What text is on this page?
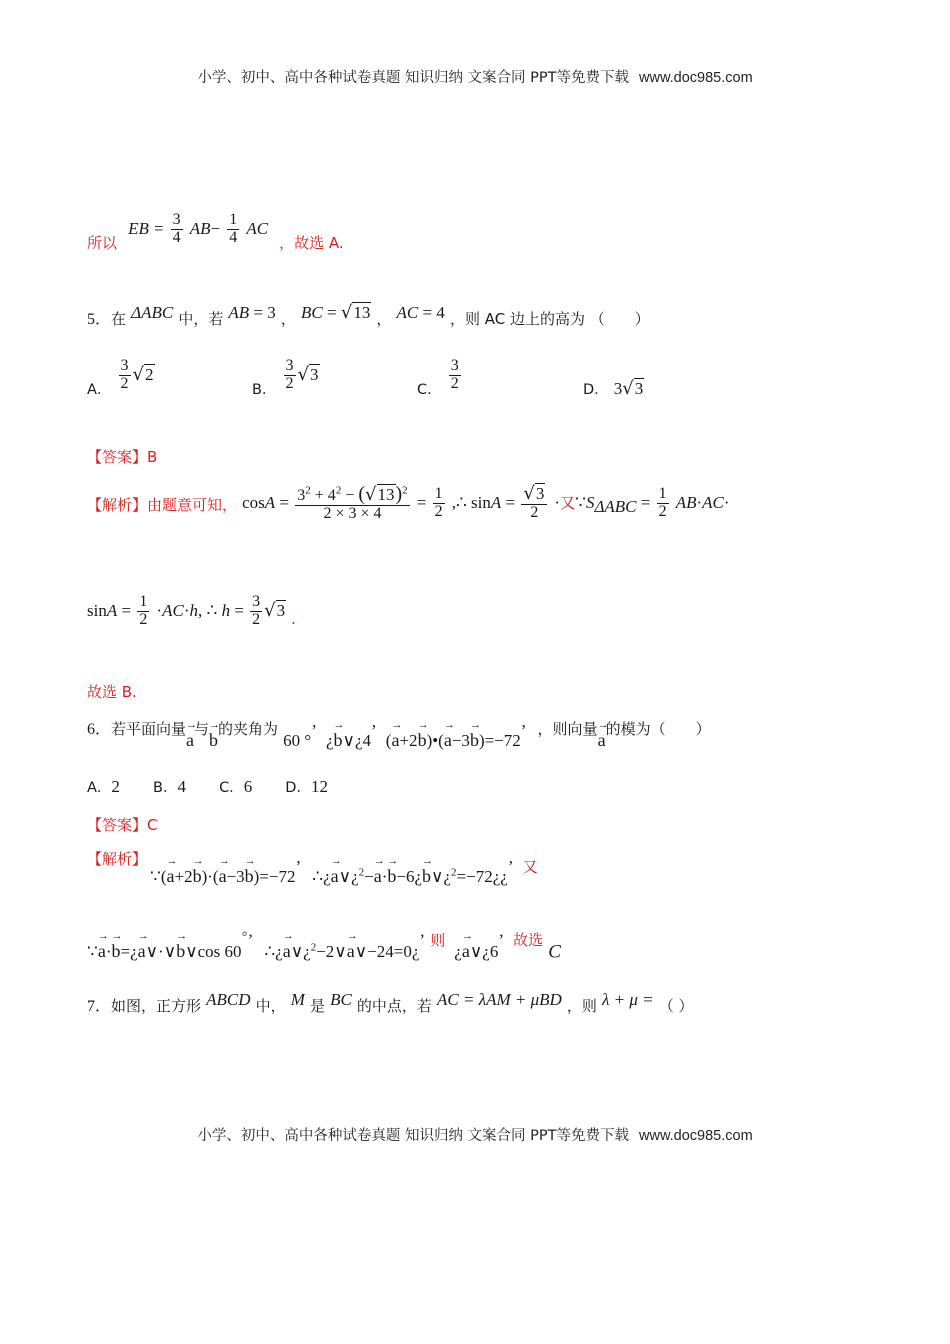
小学、初中、高中各种试卷真题 知识归纳 文案合同 PPT等免费下载 www.doc985.com
所以 EB = $\frac{3}{4} AB- \frac{1}{4}$ AC ，故选 A.
5．在 ΔABC 中，若 AB = 3 ， BC = √13 ， AC = 4 ，则 AC 边上的高为 （　　）
A． $\frac{3}{2} √2$
B． $\frac{3}{2} √3$
C． $\frac{3}{2}$	D． 3√3
【答案】B
【解析】由题意可知， $\cos A = \frac{3^2 + 4^2 - (√13)^2}{2 \times 3 \times 4} = \frac{1}{2}$ ,∴ $\sin A = \frac{√3}{2}$ ·又$\because S_{\Delta ABC} = \frac{1}{2} AB\cdot AC\cdot$
$\sin A = \frac{1}{2} \cdot AC\cdot h$, ∴ $h = \frac{3}{2} √3$ .
故选 B.
6．若平面向量→ a与→ b的夹角为 60 °’ ¿→ b∨¿4’ (→ a+2→ b)•(→ a−3→ b)=−72’ ，则向量→ a的模为（　　）
A．2 B．4 C．6 D．12
【答案】C
【解析】
∵(→ a+2→ b)·(→ a−3→ b)=−72’ ∴¿→ a∨¿$^2$−→ a·→ b−6¿→ b∨¿$^2$=−72¿¿’ 又
∵→ a·→ b=¿→ a∨·∨→ b∨cos 60◦’ ∴¿→ a∨¿$^2$−2∨→ a∨−24=0¿’ 则 ¿→ a∨¿6’ 故选 C
7．如图，正方形 ABCD 中， M 是 BC 的中点，若 AC = λAM + μBD ，则 λ + μ = （ ）
小学、初中、高中各种试卷真题 知识归纳 文案合同 PPT等免费下载 www.doc985.com
